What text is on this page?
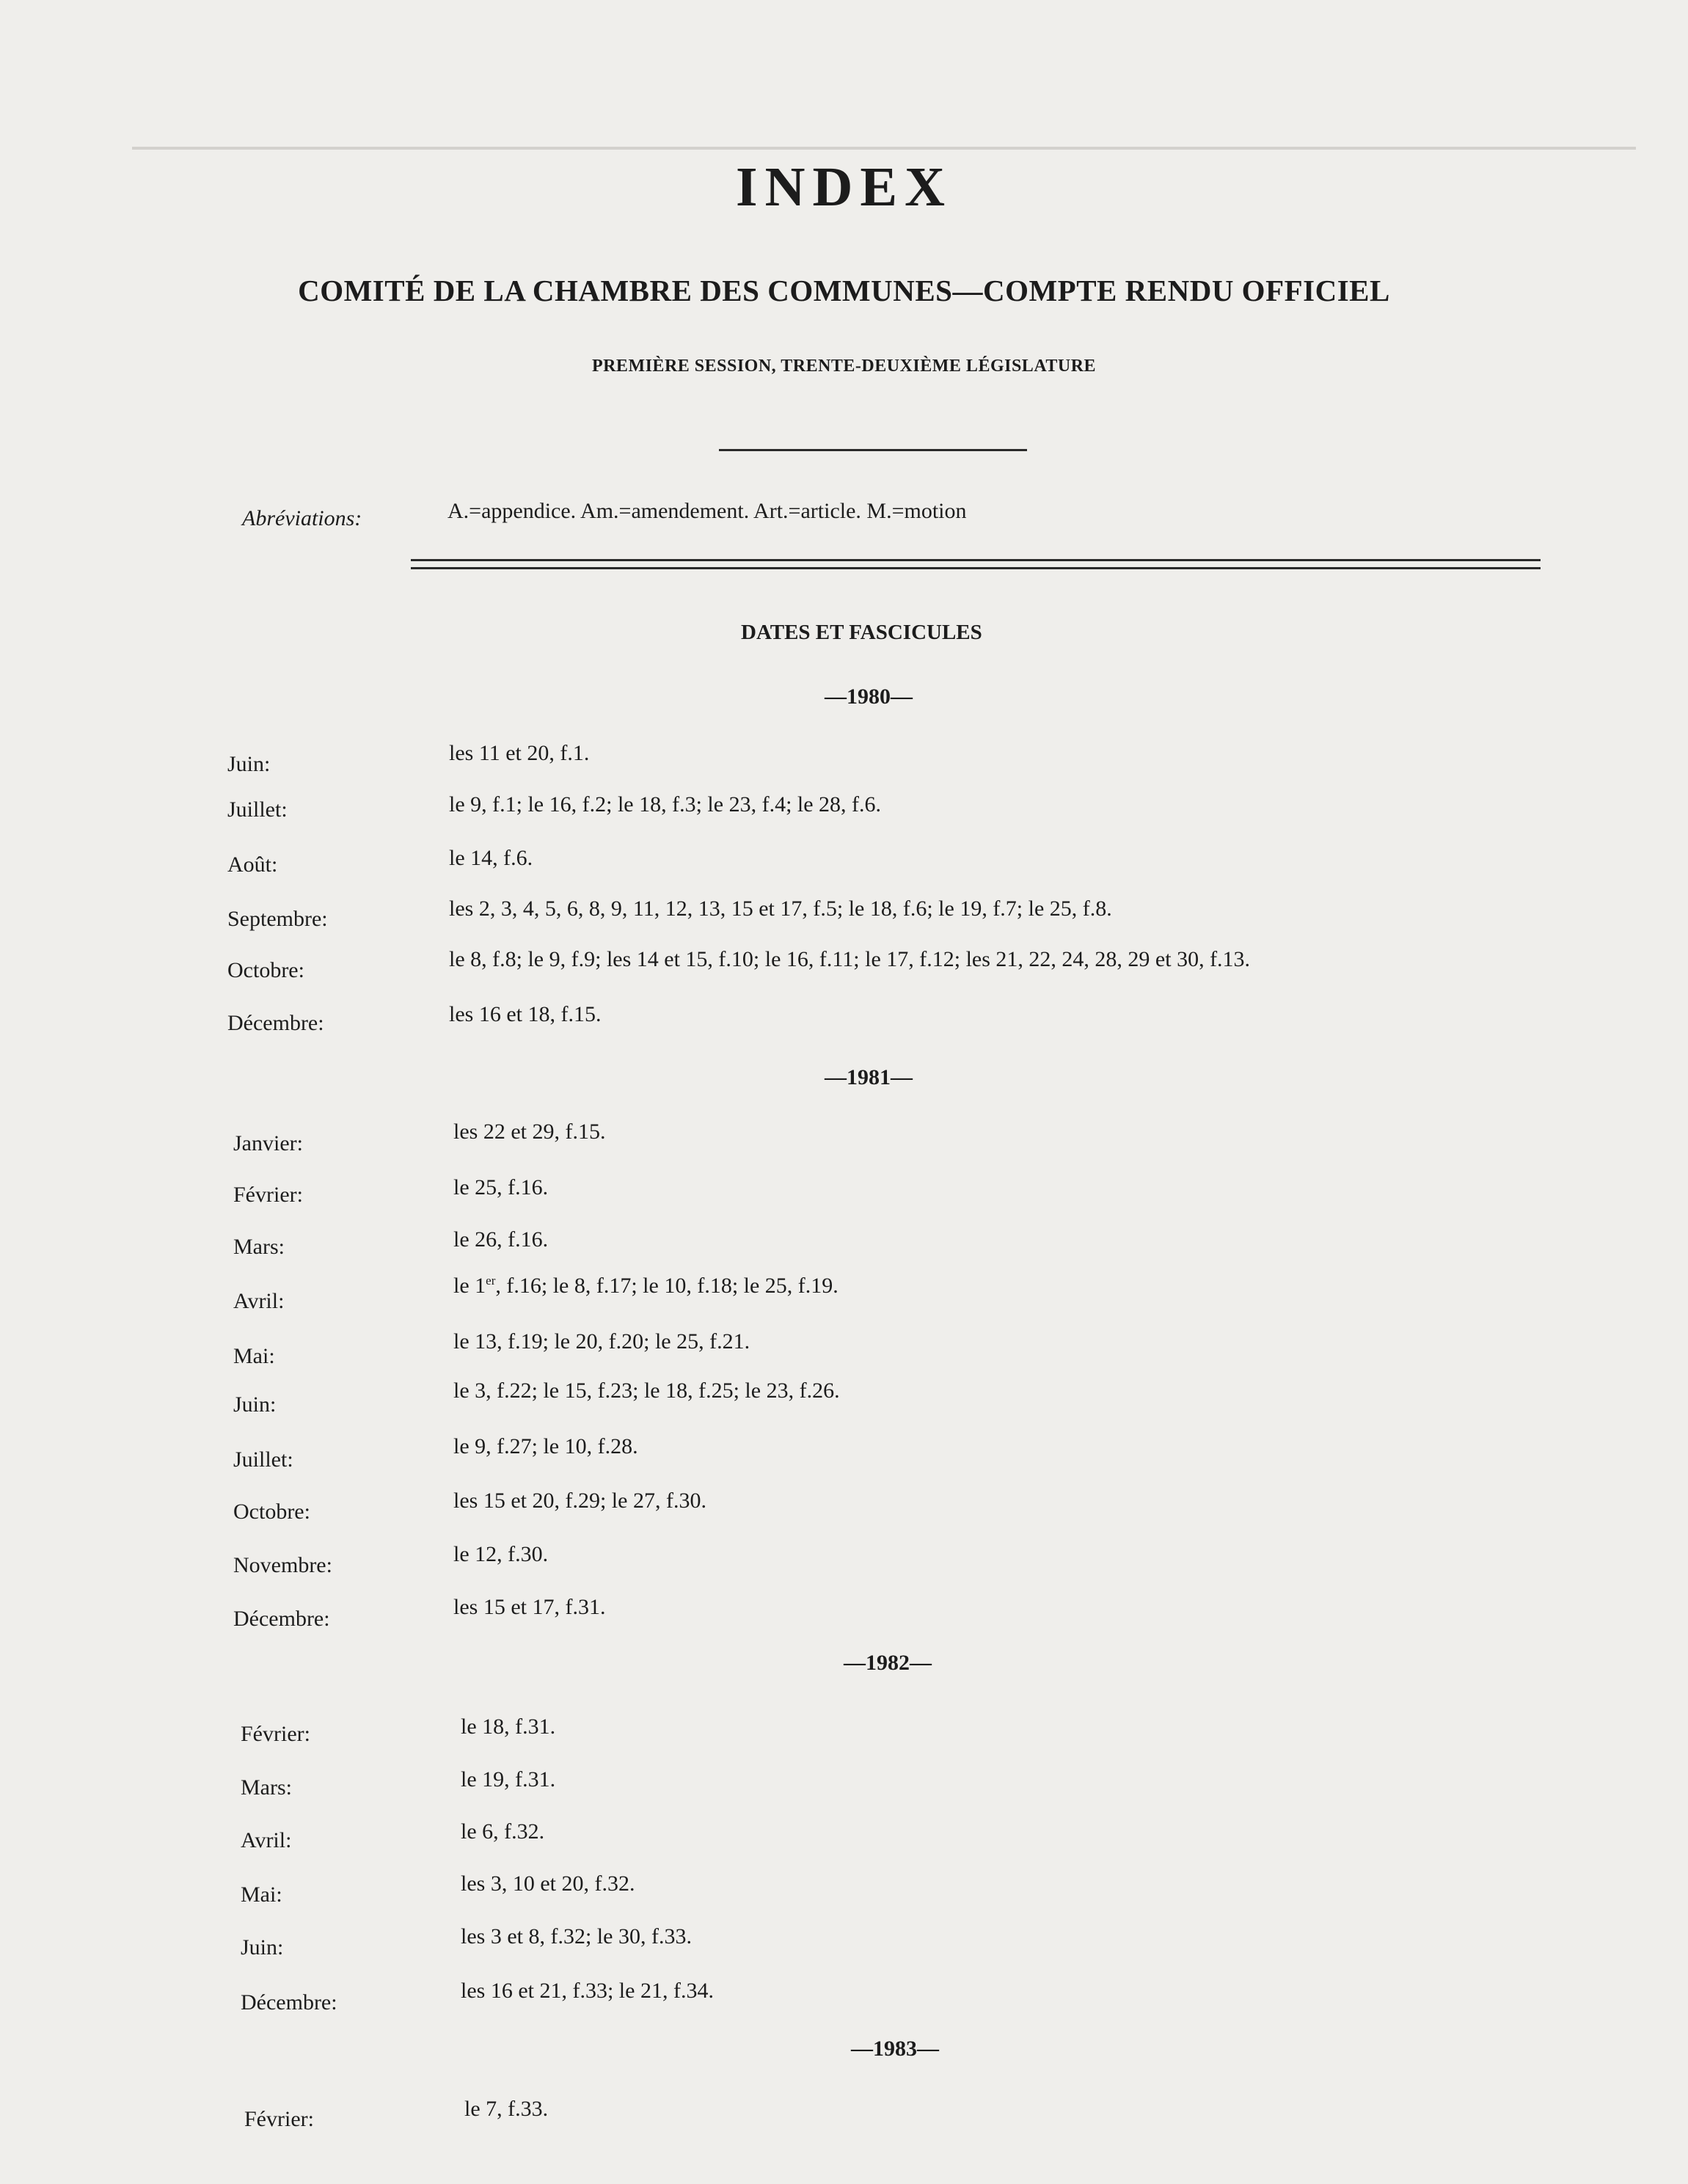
INDEX
COMITÉ DE LA CHAMBRE DES COMMUNES—COMPTE RENDU OFFICIEL
PREMIÈRE SESSION, TRENTE-DEUXIÈME LÉGISLATURE
Abréviations:	A.=appendice. Am.=amendement. Art.=article. M.=motion
DATES ET FASCICULES
—1980—
Juin:	les 11 et 20, f.1.
Juillet:	le 9, f.1; le 16, f.2; le 18, f.3; le 23, f.4; le 28, f.6.
Août:	le 14, f.6.
Septembre:	les 2, 3, 4, 5, 6, 8, 9, 11, 12, 13, 15 et 17, f.5; le 18, f.6; le 19, f.7; le 25, f.8.
Octobre:	le 8, f.8; le 9, f.9; les 14 et 15, f.10; le 16, f.11; le 17, f.12; les 21, 22, 24, 28, 29 et 30, f.13.
Décembre:	les 16 et 18, f.15.
—1981—
Janvier:	les 22 et 29, f.15.
Février:	le 25, f.16.
Mars:	le 26, f.16.
Avril:
le 1er, f.16; le 8, f.17; le 10, f.18; le 25, f.19.
Mai:
le 13, f.19; le 20, f.20; le 25, f.21.
Juin:
le 3, f.22; le 15, f.23; le 18, f.25; le 23, f.26.
Juillet:
le 9, f.27; le 10, f.28.
Octobre:	les 15 et 20, f.29; le 27, f.30.
Novembre:	le 12, f.30.
Décembre:	les 15 et 17, f.31.
—1982—
Février:	le 18, f.31.
Mars:	le 19, f.31.
Avril:	le 6, f.32.
Mai:	les 3, 10 et 20, f.32.
Juin:	les 3 et 8, f.32; le 30, f.33.
Décembre:	les 16 et 21, f.33; le 21, f.34.
—1983—
Février:	le 7, f.33.
